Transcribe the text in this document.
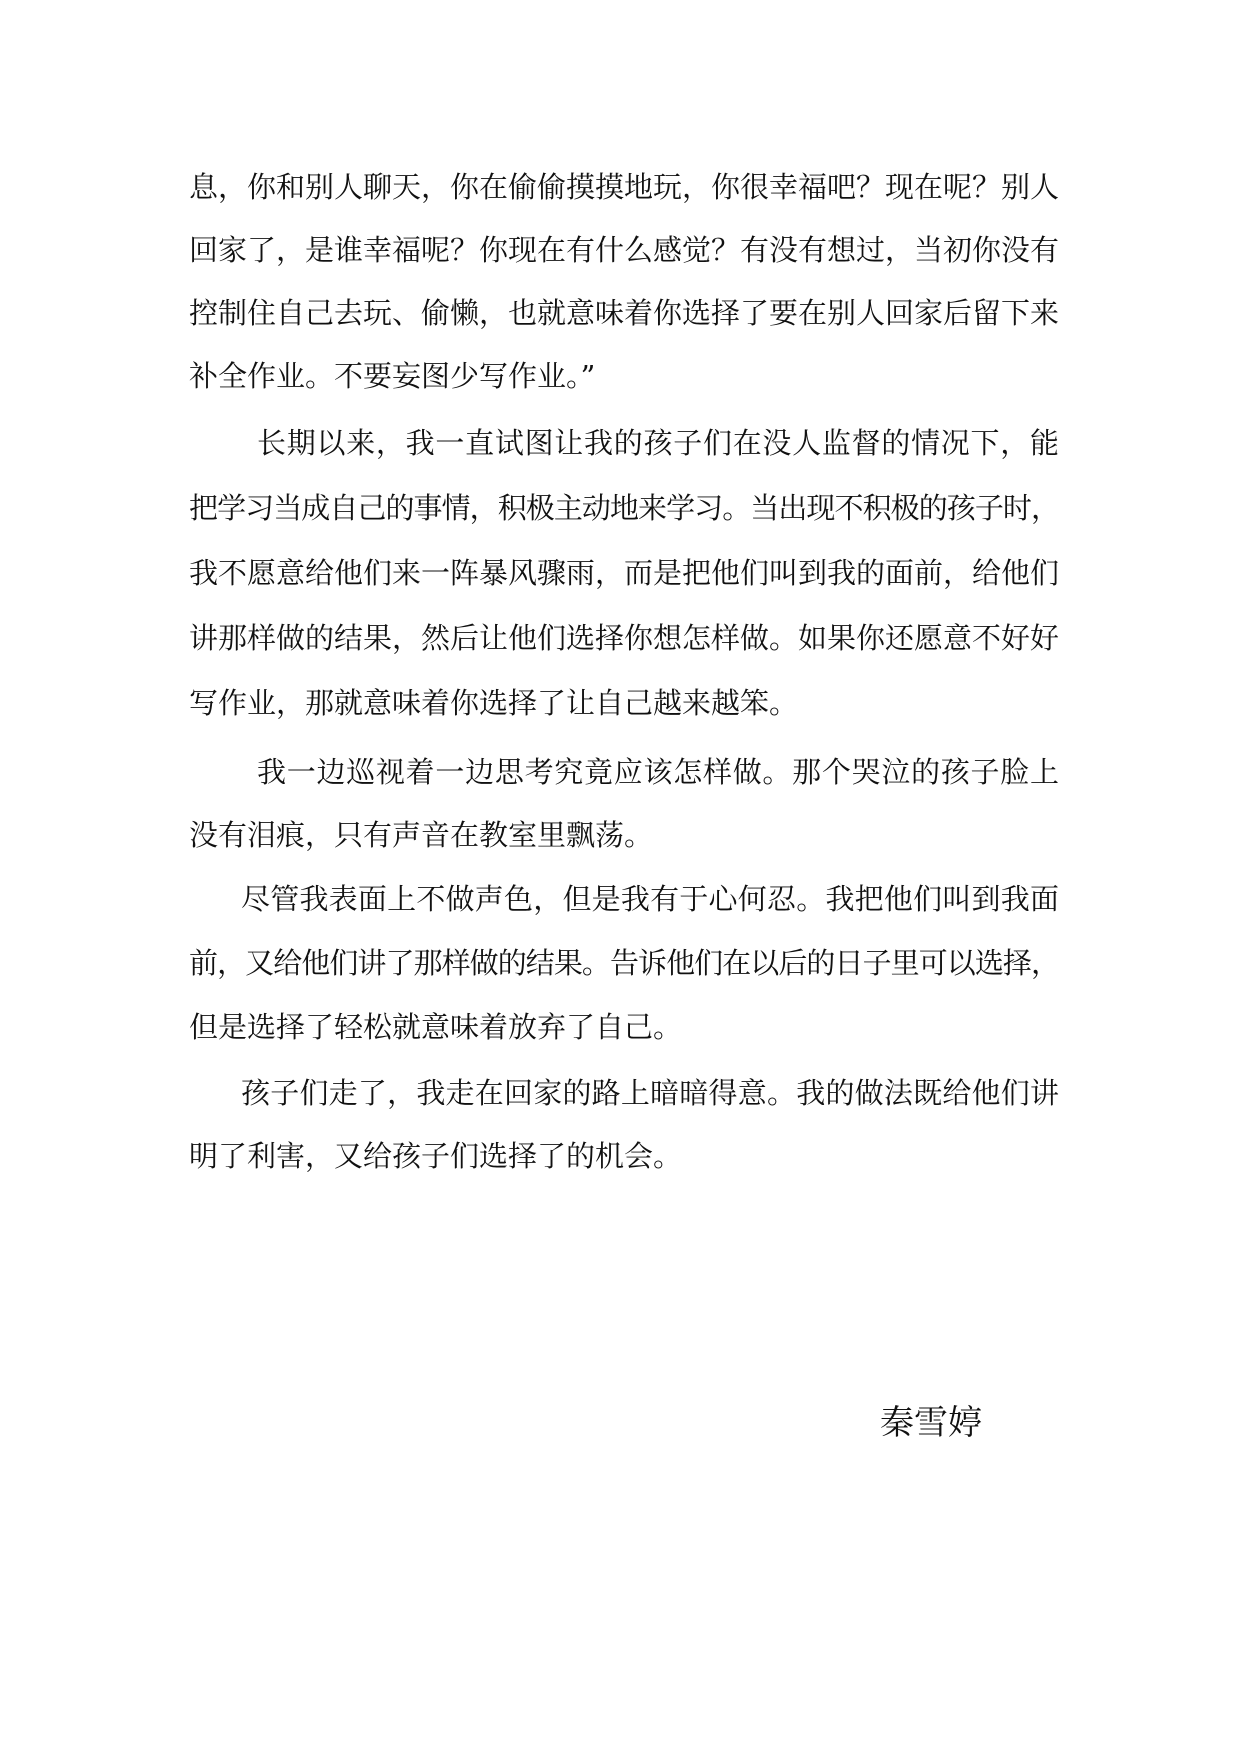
息，你和别人聊天，你在偷偷摸摸地玩，你很幸福吧？现在呢？别人
回家了，是谁幸福呢？你现在有什么感觉？有没有想过，当初你没有
控制住自己去玩、偷懒，也就意味着你选择了要在别人回家后留下来
补全作业。不要妄图少写作业。”

长期以来，我一直试图让我的孩子们在没人监督的情况下，能
把学习当成自己的事情，积极主动地来学习。当出现不积极的孩子时，
我不愿意给他们来一阵暴风骤雨，而是把他们叫到我的面前，给他们
讲那样做的结果，然后让他们选择你想怎样做。如果你还愿意不好好
写作业，那就意味着你选择了让自己越来越笨。

我一边巡视着一边思考究竟应该怎样做。那个哭泣的孩子脸上
没有泪痕，只有声音在教室里飘荡。

尽管我表面上不做声色，但是我有于心何忍。我把他们叫到我面
前，又给他们讲了那样做的结果。告诉他们在以后的日子里可以选择，
但是选择了轻松就意味着放弃了自己。

孩子们走了，我走在回家的路上暗暗得意。我的做法既给他们讲
明了利害，又给孩子们选择了的机会。

秦雪婷
